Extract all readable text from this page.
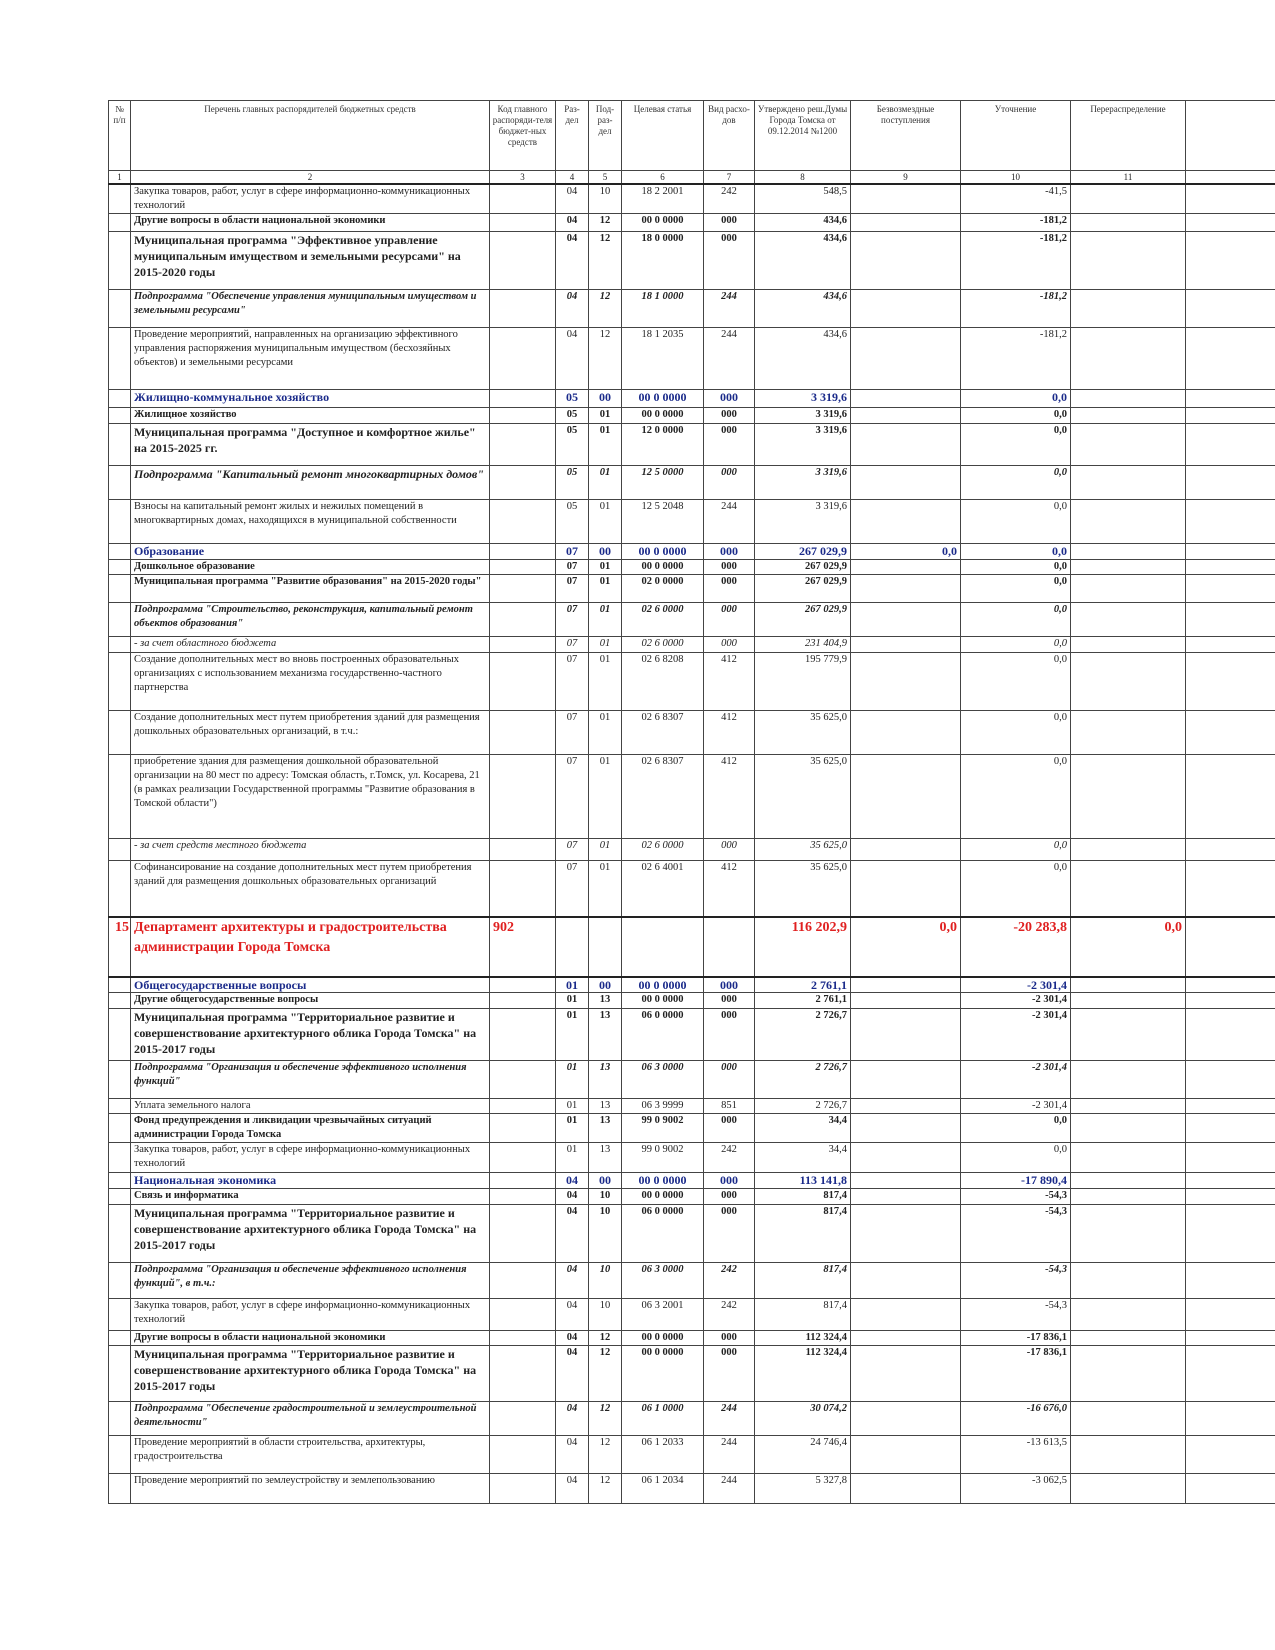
№ п/п	Перечень главных распорядителей бюджетных средств	Код главного распоряди-теля бюджет-ных средств	Раз-дел	Под-раз-дел	Целевая статья	Вид расхо-дов	Утверждено реш.Думы Города Томска от 09.12.2014 №1200	Безвозмездные поступления	Уточнение	Перераспределение	
1	2	3	4	5	6	7	8	9	10	11	
	Закупка товаров, работ, услуг в сфере информационно-коммуникационных технологий		04	10	18 2 2001	242	548,5		-41,5		
	Другие вопросы в области национальной экономики		04	12	00 0 0000	000	434,6		-181,2		
	Муниципальная программа "Эффективное управление муниципальным имуществом и земельными ресурсами" на 2015-2020 годы		04	12	18 0 0000	000	434,6		-181,2		
	Подпрограмма "Обеспечение управления муниципальным имуществом и земельными ресурсами"		04	12	18 1 0000	244	434,6		-181,2		
	Проведение мероприятий, направленных на организацию эффективного управления распоряжения муниципальным имуществом (бесхозяйных объектов) и земельными ресурсами		04	12	18 1 2035	244	434,6		-181,2		
	Жилищно-коммунальное хозяйство		05	00	00 0 0000	000	3 319,6		0,0		
	Жилищное хозяйство		05	01	00 0 0000	000	3 319,6		0,0		
	Муниципальная программа "Доступное и комфортное жилье" на 2015-2025 гг.		05	01	12 0 0000	000	3 319,6		0,0		
	Подпрограмма "Капитальный ремонт многоквартирных домов"		05	01	12 5 0000	000	3 319,6		0,0		
	Взносы на капитальный ремонт жилых и нежилых помещений в многоквартирных домах, находящихся в муниципальной собственности		05	01	12 5 2048	244	3 319,6		0,0		
	Образование		07	00	00 0 0000	000	267 029,9	0,0	0,0		
	Дошкольное образование		07	01	00 0 0000	000	267 029,9		0,0		
	Муниципальная программа "Развитие образования" на 2015-2020 годы"		07	01	02 0 0000	000	267 029,9		0,0		
	Подпрограмма "Строительство, реконструкция, капитальный ремонт объектов образования"		07	01	02 6 0000	000	267 029,9		0,0		
	- за счет областного бюджета		07	01	02 6 0000	000	231 404,9		0,0		
	Создание дополнительных мест во вновь построенных образовательных организациях с использованием механизма государственно-частного партнерства		07	01	02 6 8208	412	195 779,9		0,0		
	Создание дополнительных мест путем приобретения зданий для размещения дошкольных образовательных организаций, в т.ч.:		07	01	02 6 8307	412	35 625,0		0,0		
	приобретение здания для размещения дошкольной образовательной организации на 80 мест по адресу: Томская область, г.Томск, ул. Косарева, 21 (в рамках реализации Государственной программы "Развитие образования в Томской области")		07	01	02 6 8307	412	35 625,0		0,0		
	- за счет средств местного бюджета		07	01	02 6 0000	000	35 625,0		0,0		
	Софинансирование на создание дополнительных мест путем приобретения зданий для размещения дошкольных образовательных организаций		07	01	02 6 4001	412	35 625,0		0,0		
15	Департамент архитектуры и градостроительства администрации Города Томска	902					116 202,9	0,0	-20 283,8	0,0	
	Общегосударственные вопросы		01	00	00 0 0000	000	2 761,1		-2 301,4		
	Другие общегосударственные вопросы		01	13	00 0 0000	000	2 761,1		-2 301,4		
	Муниципальная программа "Территориальное развитие и совершенствование архитектурного облика Города Томска" на 2015-2017 годы		01	13	06 0 0000	000	2 726,7		-2 301,4		
	Подпрограмма "Организация и обеспечение эффективного исполнения функций"		01	13	06 3 0000	000	2 726,7		-2 301,4		
	Уплата земельного налога		01	13	06 3 9999	851	2 726,7		-2 301,4		
	Фонд предупреждения и ликвидации чрезвычайных ситуаций администрации Города Томска		01	13	99 0 9002	000	34,4		0,0		
	Закупка товаров, работ, услуг в сфере информационно-коммуникационных технологий		01	13	99 0 9002	242	34,4		0,0		
	Национальная экономика		04	00	00 0 0000	000	113 141,8		-17 890,4		
	Связь и информатика		04	10	00 0 0000	000	817,4		-54,3		
	Муниципальная программа "Территориальное развитие и совершенствование архитектурного облика Города Томска" на 2015-2017 годы		04	10	06 0 0000	000	817,4		-54,3		
	Подпрограмма "Организация и обеспечение эффективного исполнения функций", в т.ч.:		04	10	06 3 0000	242	817,4		-54,3		
	Закупка товаров, работ, услуг в сфере информационно-коммуникационных технологий		04	10	06 3 2001	242	817,4		-54,3		
	Другие вопросы в области национальной экономики		04	12	00 0 0000	000	112 324,4		-17 836,1		
	Муниципальная программа "Территориальное развитие и совершенствование архитектурного облика Города Томска" на 2015-2017 годы		04	12	00 0 0000	000	112 324,4		-17 836,1		
	Подпрограмма "Обеспечение градостроительной и землеустроительной деятельности"		04	12	06 1 0000	244	30 074,2		-16 676,0		
	Проведение мероприятий в области строительства, архитектуры, градостроительства		04	12	06 1 2033	244	24 746,4		-13 613,5		
	Проведение мероприятий по землеустройству и землепользованию		04	12	06 1 2034	244	5 327,8		-3 062,5		
